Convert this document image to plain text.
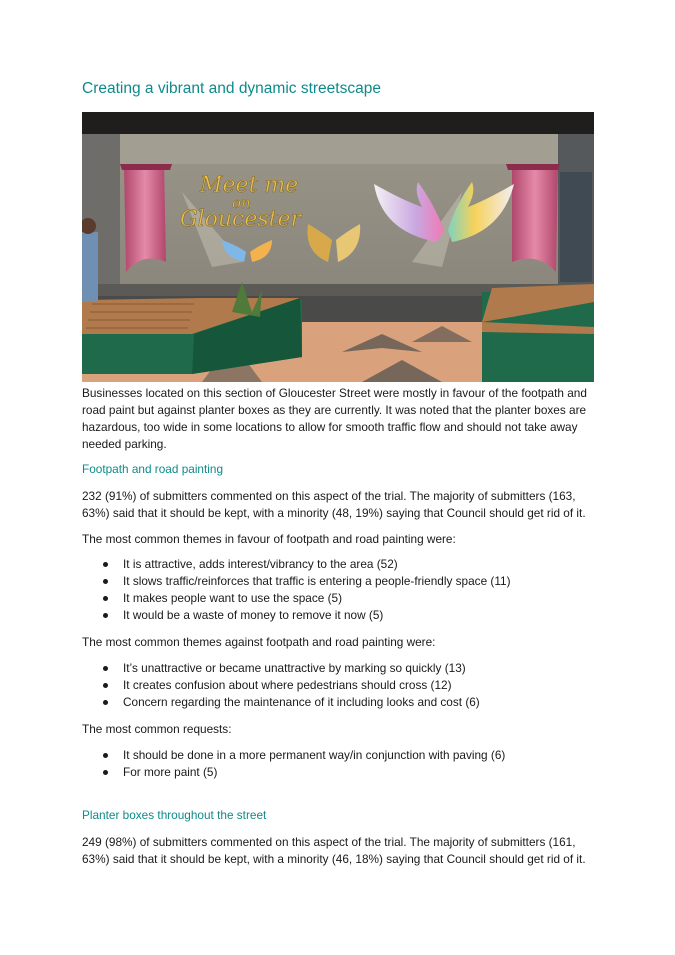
Creating a vibrant and dynamic streetscape
Meet me
on
Gloucester

Businesses located on this section of Gloucester Street were mostly in favour of the footpath and road paint but against planter boxes as they are currently. It was noted that the planter boxes are hazardous, too wide in some locations to allow for smooth traffic flow and should not take away needed parking.

Footpath and road painting

232 (91%) of submitters commented on this aspect of the trial. The majority of submitters (163, 63%) said that it should be kept, with a minority (48, 19%) saying that Council should get rid of it.

The most common themes in favour of footpath and road painting were:
It is attractive, adds interest/vibrancy to the area (52)
It slows traffic/reinforces that traffic is entering a people-friendly space (11)
It makes people want to use the space (5)
It would be a waste of money to remove it now (5)
The most common themes against footpath and road painting were:
It’s unattractive or became unattractive by marking so quickly (13)
It creates confusion about where pedestrians should cross (12)
Concern regarding the maintenance of it including looks and cost (6)
The most common requests:
It should be done in a more permanent way/in conjunction with paving (6)
For more paint (5)
Planter boxes throughout the street

249 (98%) of submitters commented on this aspect of the trial. The majority of submitters (161, 63%) said that it should be kept, with a minority (46, 18%) saying that Council should get rid of it.
